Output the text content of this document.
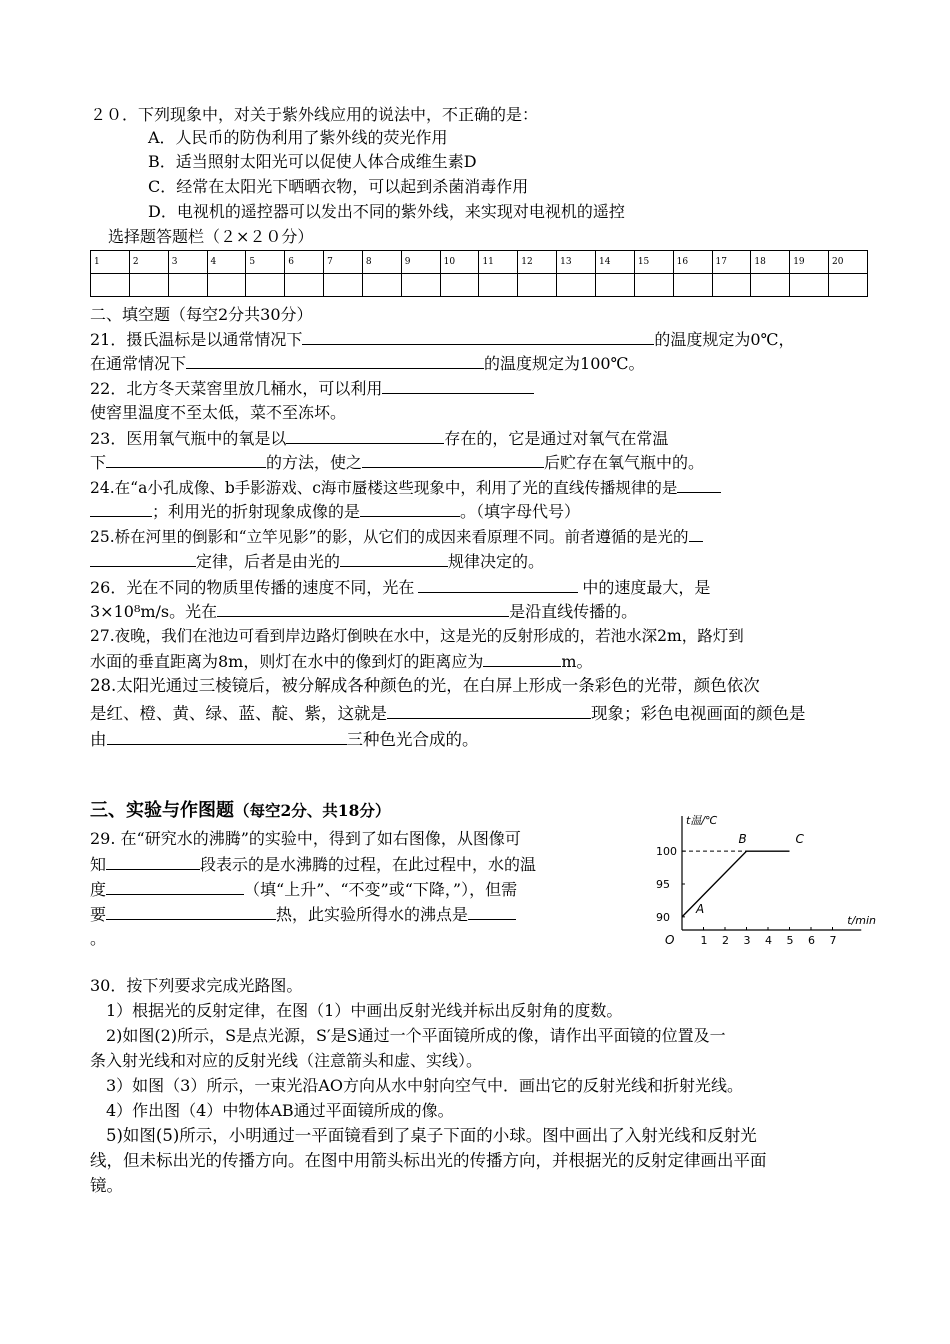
２０．下列现象中，对关于紫外线应用的说法中，不正确的是：
A．人民币的防伪利用了紫外线的荧光作用
B．适当照射太阳光可以促使人体合成维生素D
C．经常在太阳光下晒晒衣物，可以起到杀菌消毒作用
D．电视机的遥控器可以发出不同的紫外线，来实现对电视机的遥控
选择题答题栏（２×２０分）
1	2	3	4	5	6	7	8	9	10	11	12	13	14	15	16	17	18	19	20

二、填空题（每空2分共30分）
21．摄氏温标是以通常情况下	的温度规定为0℃，
在通常情况下	的温度规定为100℃。
22．北方冬天菜窖里放几桶水，可以利用
使窖里温度不至太低，菜不至冻坏。
23．医用氧气瓶中的氧是以	存在的，它是通过对氧气在常温
下	的方法，使之	后贮存在氧气瓶中的。
24.在“a小孔成像、b手影游戏、c海市蜃楼这些现象中，利用了光的直线传播规律的是
；利用光的折射现象成像的是	。（填字母代号）
25.桥在河里的倒影和“立竿见影”的影，从它们的成因来看原理不同。前者遵循的是光的
定律，后者是由光的	规律决定的。
26．光在不同的物质里传播的速度不同，光在	中的速度最大，是
3×10⁸m/s。光在	是沿直线传播的。
27.夜晚，我们在池边可看到岸边路灯倒映在水中，这是光的反射形成的，若池水深2m，路灯到
水面的垂直距离为8m，则灯在水中的像到灯的距离应为	m。
28.太阳光通过三棱镜后，被分解成各种颜色的光，在白屏上形成一条彩色的光带，颜色依次
是红、橙、黄、绿、蓝、靛、紫，这就是	现象；彩色电视画面的颜色是
由	三种色光合成的。
三、实验与作图题（每空2分、共18分）
29. 在“研究水的沸腾”的实验中，得到了如右图像，从图像可
知	段表示的是水沸腾的过程，在此过程中，水的温
度	（填“上升”、“不变”或“下降，”），但需
要	热，此实验所得水的沸点是
。
t/min
t温/℃
O 1 2 3 4 5 6 7
90
95
100
A
B	C
30．按下列要求完成光路图。
1）根据光的反射定律，在图（1）中画出反射光线并标出反射角的度数。
2)如图(2)所示，S是点光源，S′是S通过一个平面镜所成的像，请作出平面镜的位置及一
条入射光线和对应的反射光线（注意箭头和虚、实线）。
3）如图（3）所示，一束光沿AO方向从水中射向空气中．画出它的反射光线和折射光线。
4）作出图（4）中物体AB通过平面镜所成的像。
5)如图(5)所示，小明通过一平面镜看到了桌子下面的小球。图中画出了入射光线和反射光
线，但未标出光的传播方向。在图中用箭头标出光的传播方向，并根据光的反射定律画出平面
镜。
